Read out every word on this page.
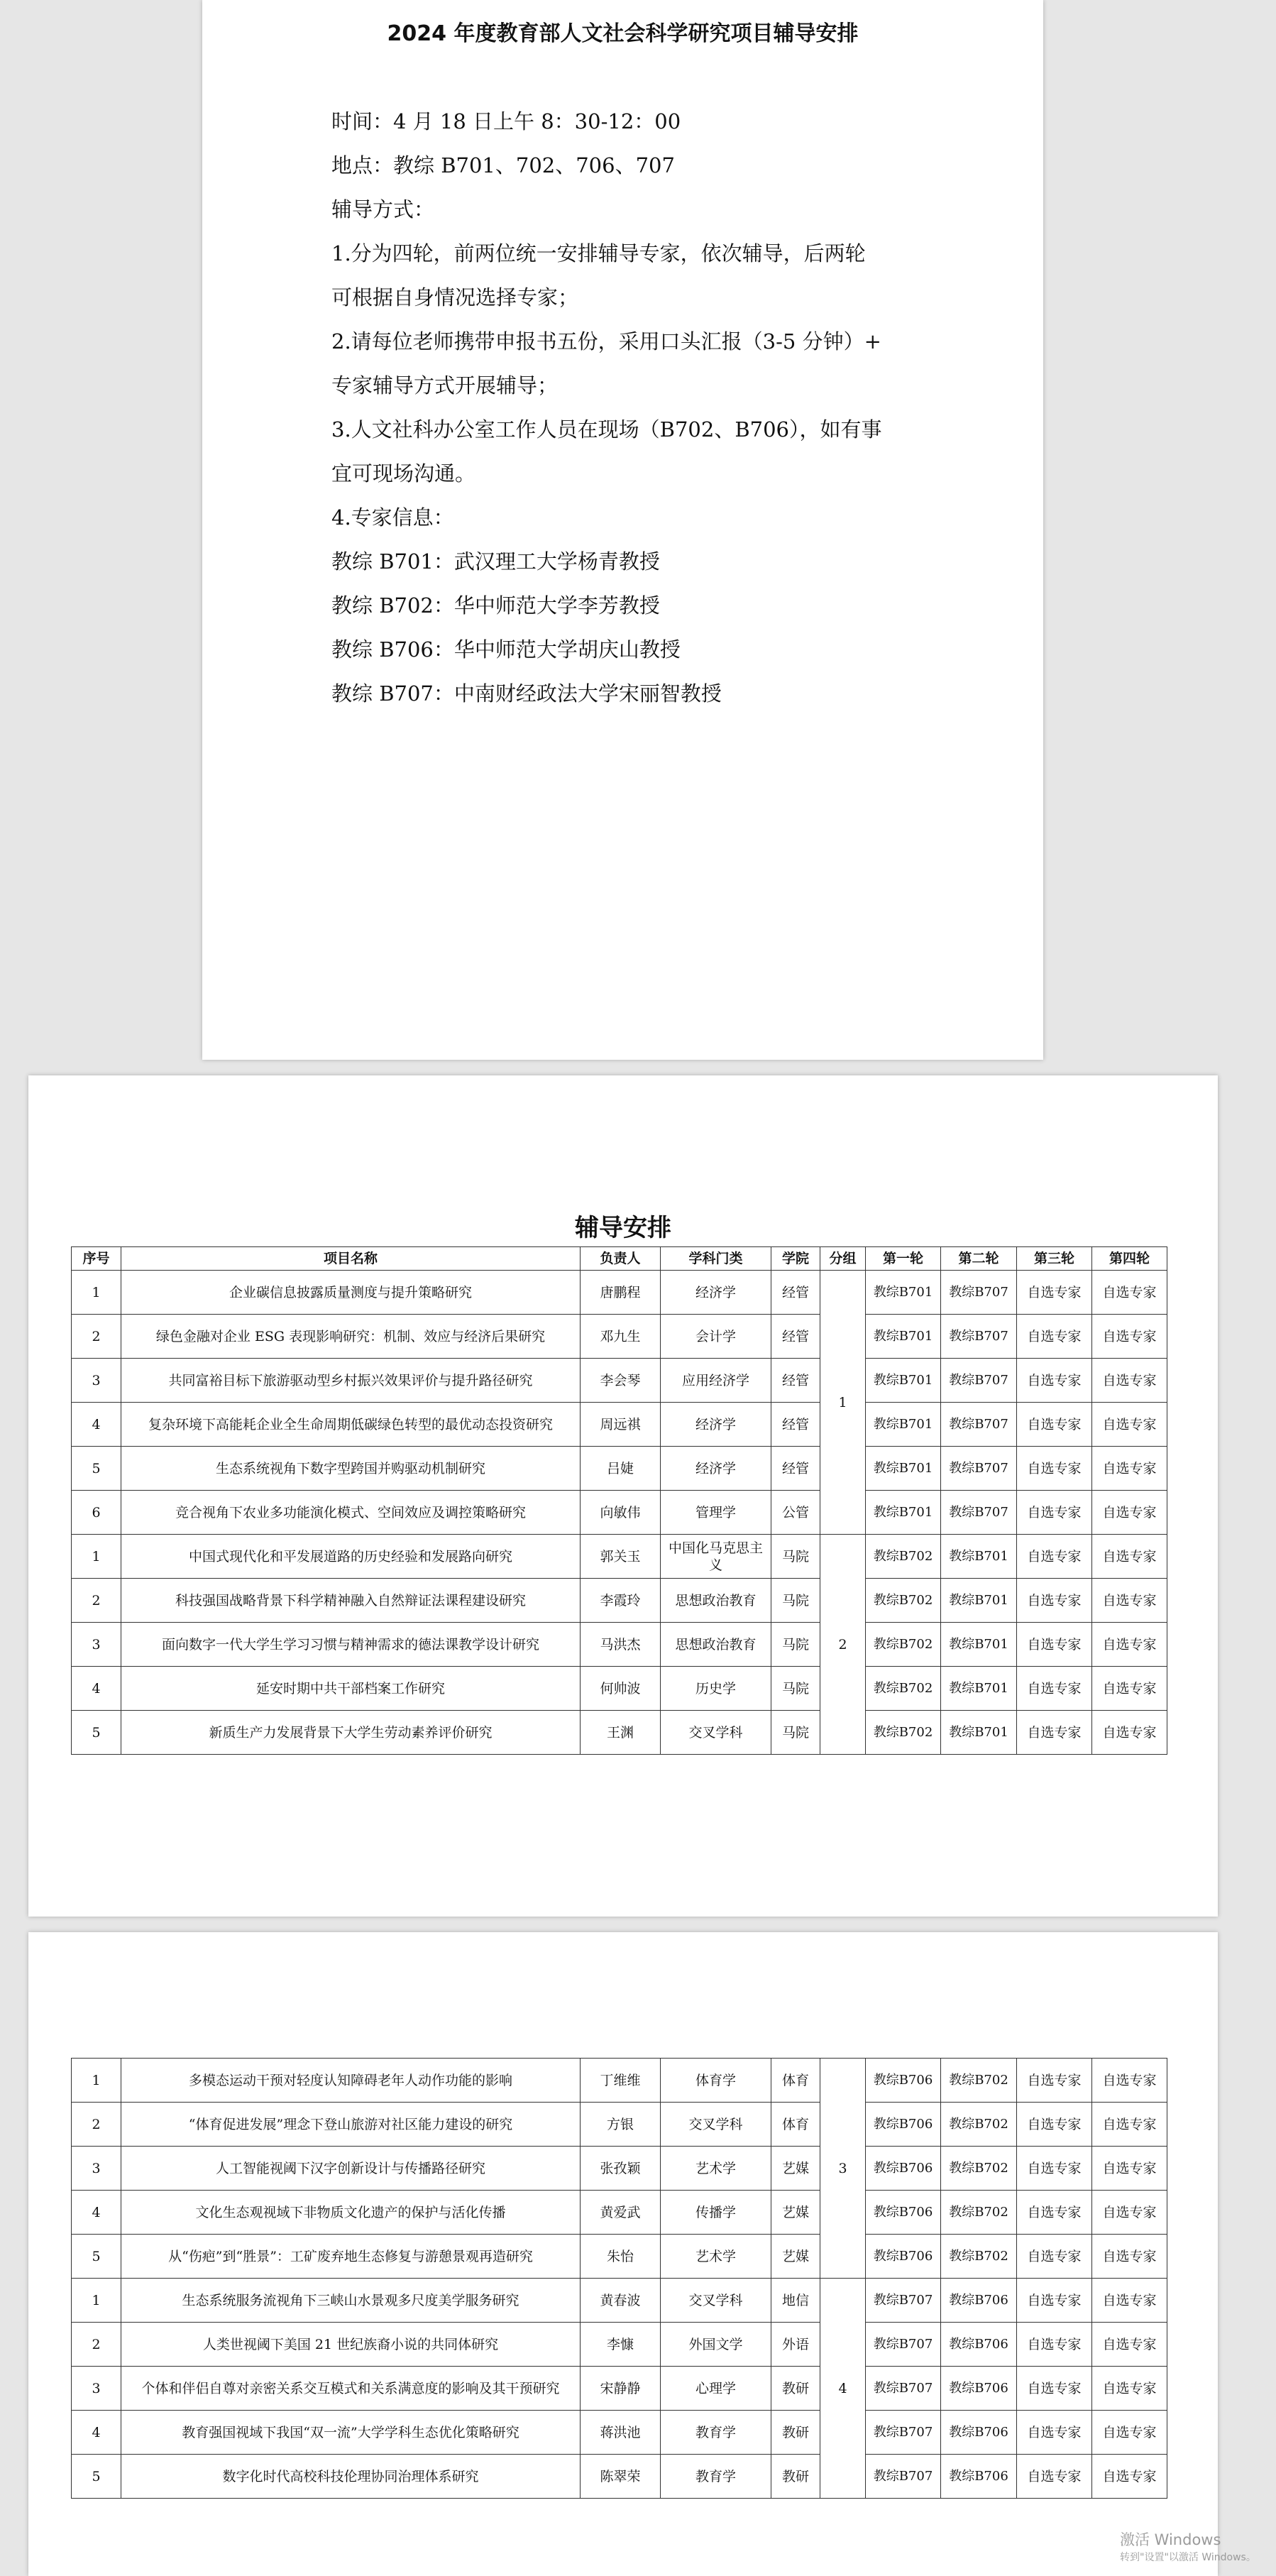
2024 年度教育部人文社会科学研究项目辅导安排
时间：4 月 18 日上午 8：30-12：00
地点：教综 B701、702、706、707
辅导方式：
1.分为四轮，前两位统一安排辅导专家，依次辅导，后两轮
可根据自身情况选择专家；
2.请每位老师携带申报书五份，采用口头汇报（3-5 分钟）+
专家辅导方式开展辅导；
3.人文社科办公室工作人员在现场（B702、B706），如有事
宜可现场沟通。
4.专家信息：
教综 B701：武汉理工大学杨青教授
教综 B702：华中师范大学李芳教授
教综 B706：华中师范大学胡庆山教授
教综 B707：中南财经政法大学宋丽智教授
辅导安排
序号	项目名称	负责人	学科门类	学院	分组	第一轮	第二轮	第三轮	第四轮
1	企业碳信息披露质量测度与提升策略研究	唐鹏程	经济学	经管	1	教综B701	教综B707	自选专家	自选专家
2	绿色金融对企业 ESG 表现影响研究：机制、效应与经济后果研究	邓九生	会计学	经管		教综B701	教综B707	自选专家	自选专家
3	共同富裕目标下旅游驱动型乡村振兴效果评价与提升路径研究	李会琴	应用经济学	经管		教综B701	教综B707	自选专家	自选专家
4	复杂环境下高能耗企业全生命周期低碳绿色转型的最优动态投资研究	周远祺	经济学	经管		教综B701	教综B707	自选专家	自选专家
5	生态系统视角下数字型跨国并购驱动机制研究	吕婕	经济学	经管		教综B701	教综B707	自选专家	自选专家
6	竞合视角下农业多功能演化模式、空间效应及调控策略研究	向敏伟	管理学	公管		教综B701	教综B707	自选专家	自选专家
1	中国式现代化和平发展道路的历史经验和发展路向研究	郭关玉	中国化马克思主义	马院	2	教综B702	教综B701	自选专家	自选专家
2	科技强国战略背景下科学精神融入自然辩证法课程建设研究	李霞玲	思想政治教育	马院		教综B702	教综B701	自选专家	自选专家
3	面向数字一代大学生学习习惯与精神需求的德法课教学设计研究	马洪杰	思想政治教育	马院		教综B702	教综B701	自选专家	自选专家
4	延安时期中共干部档案工作研究	何帅波	历史学	马院		教综B702	教综B701	自选专家	自选专家
5	新质生产力发展背景下大学生劳动素养评价研究	王渊	交叉学科	马院		教综B702	教综B701	自选专家	自选专家
1	多模态运动干预对轻度认知障碍老年人动作功能的影响	丁维维	体育学	体育	3	教综B706	教综B702	自选专家	自选专家
2	“体育促进发展”理念下登山旅游对社区能力建设的研究	方银	交叉学科	体育		教综B706	教综B702	自选专家	自选专家
3	人工智能视阈下汉字创新设计与传播路径研究	张孜颖	艺术学	艺媒		教综B706	教综B702	自选专家	自选专家
4	文化生态观视域下非物质文化遗产的保护与活化传播	黄爱武	传播学	艺媒		教综B706	教综B702	自选专家	自选专家
5	从“伤疤”到“胜景”：工矿废弃地生态修复与游憩景观再造研究	朱怡	艺术学	艺媒		教综B706	教综B702	自选专家	自选专家
1	生态系统服务流视角下三峡山水景观多尺度美学服务研究	黄春波	交叉学科	地信	4	教综B707	教综B706	自选专家	自选专家
2	人类世视阈下美国 21 世纪族裔小说的共同体研究	李慷	外国文学	外语		教综B707	教综B706	自选专家	自选专家
3	个体和伴侣自尊对亲密关系交互模式和关系满意度的影响及其干预研究	宋静静	心理学	教研		教综B707	教综B706	自选专家	自选专家
4	教育强国视域下我国“双一流”大学学科生态优化策略研究	蒋洪池	教育学	教研		教综B707	教综B706	自选专家	自选专家
5	数字化时代高校科技伦理协同治理体系研究	陈翠荣	教育学	教研		教综B707	教综B706	自选专家	自选专家
激活 Windows
转到"设置"以激活 Windows。
